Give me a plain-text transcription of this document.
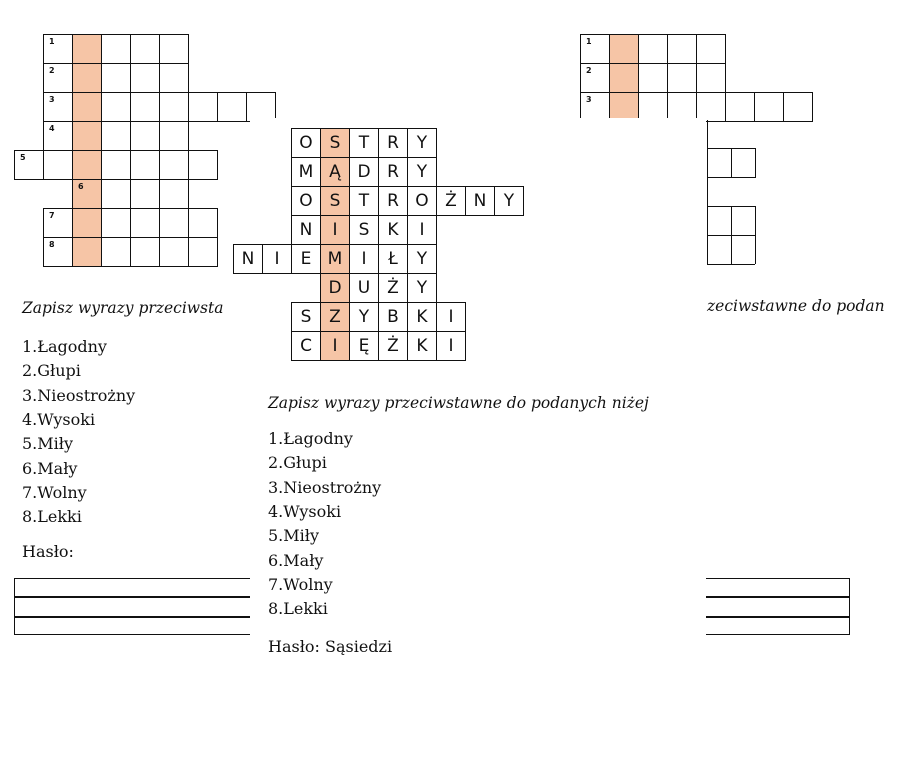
1
2
3
4
5
6
7
8
1
2
3
Zapisz wyrazy przeciwsta
1.Łagodny
2.Głupi
3.Nieostrożny
4.Wysoki
5.Miły
6.Mały
7.Wolny
8.Lekki
Hasło:
zeciwstawne do podan
O S	T	R	Y
M Ą D R	Y
O S	T	R O Ż N	Y
N	I	S	K	I
N	I	E M	I	Ł	Y
D U Ż	Y
S	Z	Y	B	K	I
C	I	Ę	Ż	K	I
Zapisz wyrazy przeciwstawne do podanych niżej
1.Łagodny
2.Głupi
3.Nieostrożny
4.Wysoki
5.Miły
6.Mały
7.Wolny
8.Lekki
Hasło: Sąsiedzi
